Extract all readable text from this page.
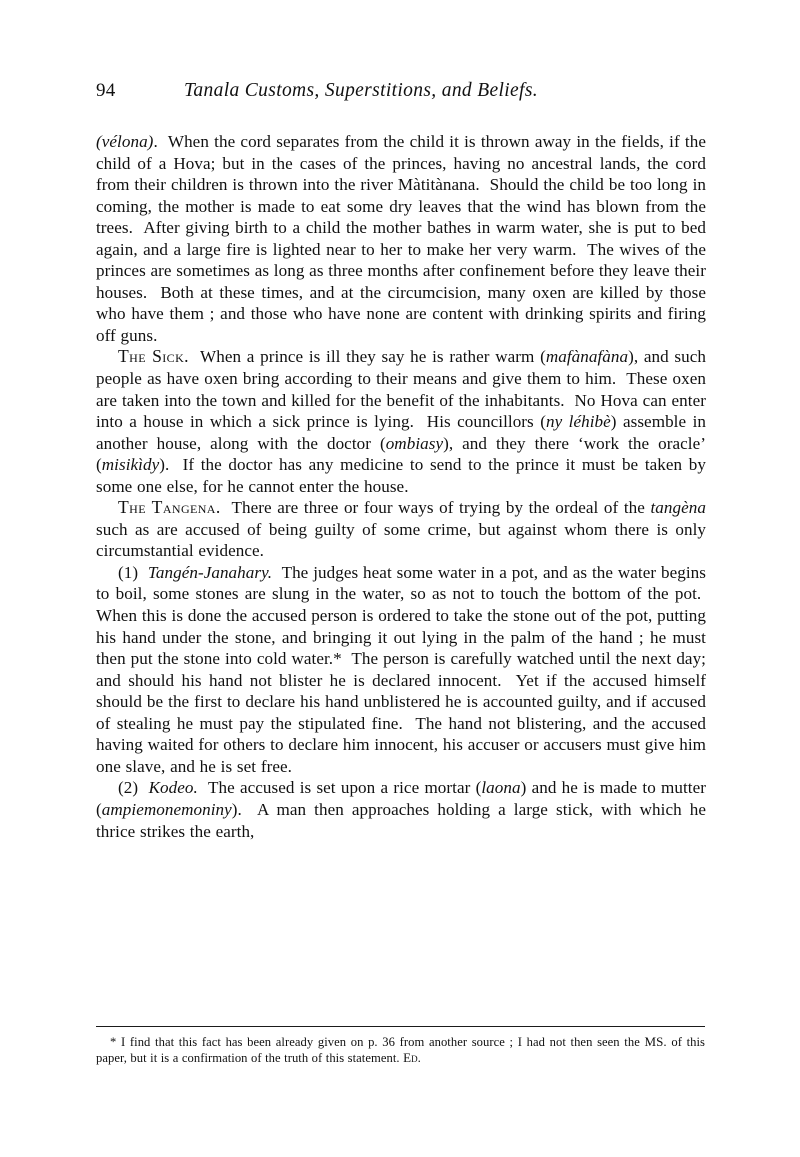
94	Tanala Customs, Superstitions, and Beliefs.

(vélona).  When the cord separates from the child it is thrown away in the fields, if the child of a Hova; but in the cases of the princes, having no ancestral lands, the cord from their children is thrown into the river Màtitànana.  Should the child be too long in coming, the mother is made to eat some dry leaves that the wind has blown from the trees.  After giving birth to a child the mother bathes in warm water, she is put to bed again, and a large fire is lighted near to her to make her very warm.  The wives of the princes are sometimes as long as three months after confinement before they leave their houses.  Both at these times, and at the circumcision, many oxen are killed by those who have them ; and those who have none are content with drinking spirits and firing off guns.

The Sick.  When a prince is ill they say he is rather warm (mafànafàna), and such people as have oxen bring according to their means and give them to him.  These oxen are taken into the town and killed for the benefit of the inhabitants.  No Hova can enter into a house in which a sick prince is lying.  His councillors (ny léhibè) assemble in another house, along with the doctor (ombiasy), and they there ‘work the oracle’ (misikìdy).  If the doctor has any medicine to send to the prince it must be taken by some one else, for he cannot enter the house.

The Tangena.  There are three or four ways of trying by the ordeal of the tangèna such as are accused of being guilty of some crime, but against whom there is only circumstantial evidence.

(1) Tangén-Janahary.  The judges heat some water in a pot, and as the water begins to boil, some stones are slung in the water, so as not to touch the bottom of the pot.  When this is done the accused person is ordered to take the stone out of the pot, putting his hand under the stone, and bringing it out lying in the palm of the hand ; he must then put the stone into cold water.*  The person is carefully watched until the next day; and should his hand not blister he is declared innocent.  Yet if the accused himself should be the first to declare his hand unblistered he is accounted guilty, and if accused of stealing he must pay the stipulated fine.  The hand not blistering, and the accused having waited for others to declare him innocent, his accuser or accusers must give him one slave, and he is set free.

(2) Kodeo.  The accused is set upon a rice mortar (laona) and he is made to mutter (ampiemonemoniny).  A man then approaches holding a large stick, with which he thrice strikes the earth,

* I find that this fact has been already given on p. 36 from another source ; I had not then seen the MS. of this paper, but it is a confirmation of the truth of this statement. Ed.
